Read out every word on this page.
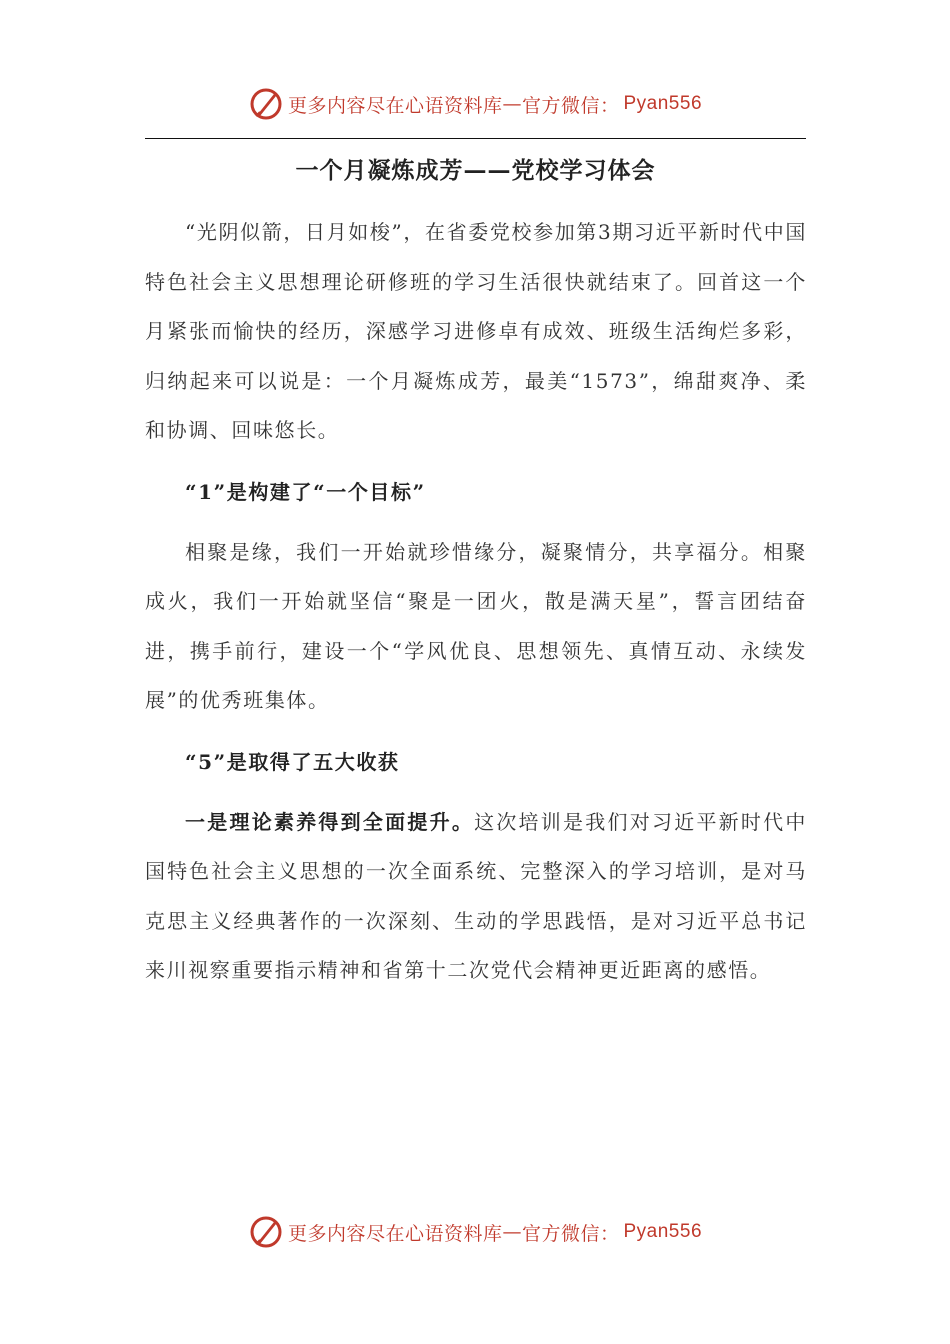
更多内容尽在心语资料库 — 官方微信： Pyan556
一个月凝炼成芳——党校学习体会

“光阴似箭，日月如梭”，在省委党校参加第3期习近平新时代中国特色社会主义思想理论研修班的学习生活很快就结束了。回首这一个月紧张而愉快的经历，深感学习进修卓有成效、班级生活绚烂多彩，归纳起来可以说是：一个月凝炼成芳，最美“1573”，绵甜爽净、柔和协调、回味悠长。

“1”是构建了“一个目标”

相聚是缘，我们一开始就珍惜缘分，凝聚情分，共享福分。相聚成火，我们一开始就坚信“聚是一团火，散是满天星”，誓言团结奋进，携手前行，建设一个“学风优良、思想领先、真情互动、永续发展”的优秀班集体。

“5”是取得了五大收获

一是理论素养得到全面提升。这次培训是我们对习近平新时代中国特色社会主义思想的一次全面系统、完整深入的学习培训，是对马克思主义经典著作的一次深刻、生动的学思践悟，是对习近平总书记来川视察重要指示精神和省第十二次党代会精神更近距离的感悟。

更多内容尽在心语资料库 — 官方微信： Pyan556
